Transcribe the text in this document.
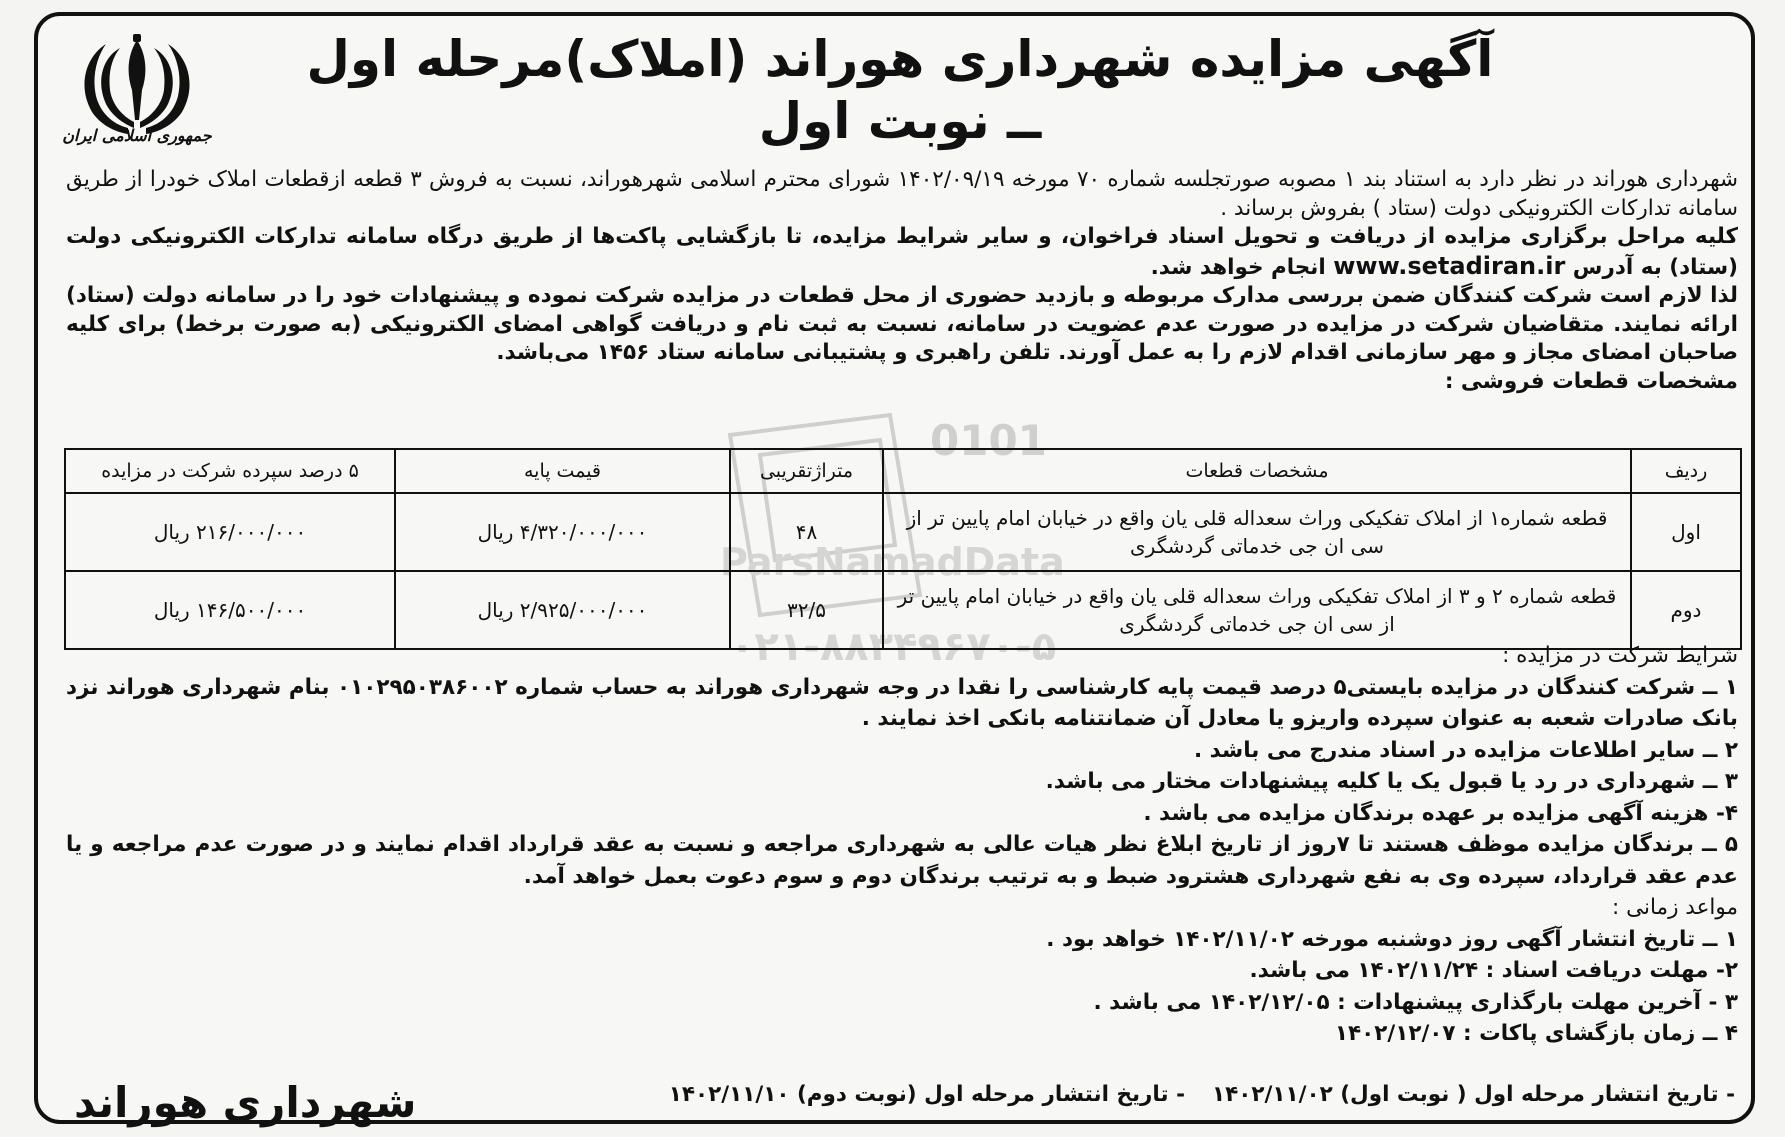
جمهوری اسلامی ایران
آگهی مزایده شهرداری هوراند (املاک)مرحله اول ــ نوبت اول
0101
ParsNamadData
۰۲۱-۸۸۳۴۹۶۷۰-۵

شهرداری هوراند در نظر دارد به استناد بند ۱ مصوبه صورتجلسه شماره ۷۰ مورخه ۱۴۰۲/۰۹/۱۹ شورای محترم اسلامی شهرهوراند، نسبت به فروش ۳ قطعه ازقطعات املاک خودرا از طریق سامانه تدارکات الکترونیکی دولت (ستاد ) بفروش برساند .

کلیه مراحل برگزاری مزایده از دریافت و تحویل اسناد فراخوان، و سایر شرایط مزایده، تا بازگشایی پاکت‌ها از طریق درگاه سامانه تدارکات الکترونیکی دولت (ستاد) به آدرس www.setadiran.ir انجام خواهد شد.

لذا لازم است شرکت کنندگان ضمن بررسی مدارک مربوطه و بازدید حضوری از محل قطعات در مزایده شرکت نموده و پیشنهادات خود را در سامانه دولت (ستاد) ارائه نمایند. متقاضیان شرکت در مزایده در صورت عدم عضویت در سامانه، نسبت به ثبت نام و دریافت گواهی امضای الکترونیکی (به صورت برخط) برای کلیه صاحبان امضای مجاز و مهر سازمانی اقدام لازم را به عمل آورند. تلفن راهبری و پشتیبانی سامانه ستاد ۱۴۵۶ می‌باشد.

مشخصات قطعات فروشی :

ردیف	مشخصات قطعات	متراژتقریبی	قیمت پایه	۵ درصد سپرده شرکت در مزایده
اول	قطعه شماره۱ از املاک تفکیکی وراث سعداله قلی یان واقع در خیابان امام پایین تر از سی ان جی خدماتی گردشگری	۴۸	۴/۳۲۰/۰۰۰/۰۰۰ ریال	۲۱۶/۰۰۰/۰۰۰ ریال
دوم	قطعه شماره ۲ و ۳ از املاک تفکیکی وراث سعداله قلی یان واقع در خیابان امام پایین تر از سی ان جی خدماتی گردشگری	۳۲/۵	۲/۹۲۵/۰۰۰/۰۰۰ ریال	۱۴۶/۵۰۰/۰۰۰ ریال

شرایط شرکت در مزایده :

۱ ــ شرکت کنندگان در مزایده بایستی۵ درصد قیمت پایه کارشناسی را نقدا در وجه شهرداری هوراند به حساب شماره ۰۱۰۲۹۵۰۳۸۶۰۰۲ بنام شهرداری هوراند نزد بانک صادرات شعبه به عنوان سپرده واریزو یا معادل آن ضمانتنامه بانکی اخذ نمایند .

۲ ــ سایر اطلاعات مزایده در اسناد مندرج می باشد .

۳ ــ شهرداری در رد یا قبول یک یا کلیه پیشنهادات مختار می باشد.

۴- هزینه آگهی مزایده بر عهده برندگان مزایده می باشد .

۵ ــ برندگان مزایده موظف هستند تا ۷روز از تاریخ ابلاغ نظر هیات عالی به شهرداری مراجعه و نسبت به عقد قرارداد اقدام نمایند و در صورت عدم مراجعه و یا عدم عقد قرارداد، سپرده وی به نفع شهرداری هشترود ضبط و به ترتیب برندگان دوم و سوم دعوت بعمل خواهد آمد.

مواعد زمانی :

۱ ــ تاریخ انتشار آگهی روز دوشنبه مورخه ۱۴۰۲/۱۱/۰۲ خواهد بود .

۲- مهلت دریافت اسناد : ۱۴۰۲/۱۱/۲۴ می باشد.

۳ - آخرین مهلت بارگذاری پیشنهادات : ۱۴۰۲/۱۲/۰۵ می باشد .

۴ ــ زمان بازگشای پاکات : ۱۴۰۲/۱۲/۰۷

- تاریخ انتشار مرحله اول ( نوبت اول) ۱۴۰۲/۱۱/۰۲
- تاریخ انتشار مرحله اول (نوبت دوم) ۱۴۰۲/۱۱/۱۰
شهرداری هوراند
